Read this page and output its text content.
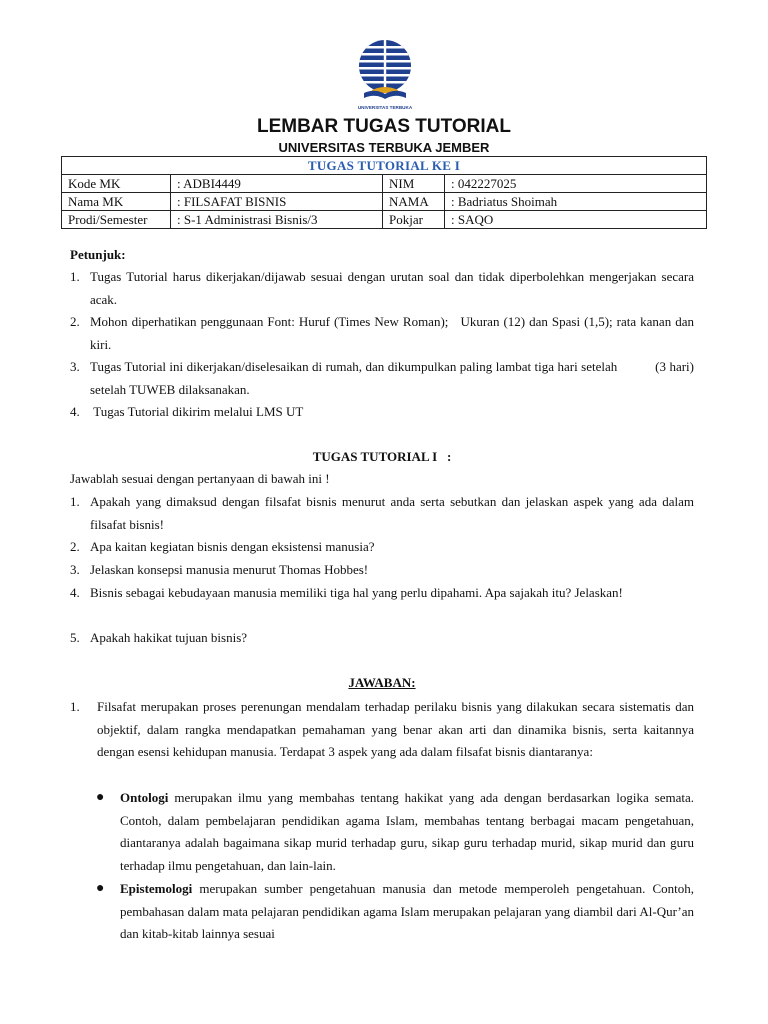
UNIVERSITAS TERBUKA
LEMBAR TUGAS TUTORIAL
UNIVERSITAS TERBUKA JEMBER
TUGAS TUTORIAL KE I			
Kode MK	: ADBI4449	NIM	: 042227025
Nama MK	: FILSAFAT BISNIS	NAMA	: Badriatus Shoimah
Prodi/Semester	: S-1 Administrasi Bisnis/3	Pokjar	: SAQO
Petunjuk:
1. Tugas Tutorial harus dikerjakan/dijawab sesuai dengan urutan soal dan tidak diperbolehkan mengerjakan secara acak.
2. Mohon diperhatikan penggunaan Font: Huruf (Times New Roman);   Ukuran (12) dan Spasi (1,5); rata kanan dan kiri.
3. Tugas Tutorial ini dikerjakan/diselesaikan di rumah, dan dikumpulkan paling lambat tiga hari setelah           (3 hari) setelah TUWEB dilaksanakan.
4. Tugas Tutorial dikirim melalui LMS UT
TUGAS TUTORIAL I   :
Jawablah sesuai dengan pertanyaan di bawah ini !
1. Apakah yang dimaksud dengan filsafat bisnis menurut anda serta sebutkan dan jelaskan aspek yang ada dalam filsafat bisnis!
2. Apa kaitan kegiatan bisnis dengan eksistensi manusia?
3. Jelaskan konsepsi manusia menurut Thomas Hobbes!
4. Bisnis sebagai kebudayaan manusia memiliki tiga hal yang perlu dipahami. Apa sajakah itu? Jelaskan!
5. Apakah hakikat tujuan bisnis?
JAWABAN:
1.	Filsafat merupakan proses perenungan mendalam terhadap perilaku bisnis yang dilakukan secara sistematis dan objektif, dalam rangka mendapatkan pemahaman yang benar akan arti dan dinamika bisnis, serta kaitannya dengan esensi kehidupan manusia. Terdapat 3 aspek yang ada dalam filsafat bisnis diantaranya:
●	Ontologi merupakan ilmu yang membahas tentang hakikat yang ada dengan berdasarkan logika semata. Contoh, dalam pembelajaran pendidikan agama Islam, membahas tentang berbagai macam pengetahuan, diantaranya adalah bagaimana sikap murid terhadap guru, sikap guru terhadap murid, sikap murid dan guru terhadap ilmu pengetahuan, dan lain-lain.
●	Epistemologi merupakan sumber pengetahuan manusia dan metode memperoleh pengetahuan. Contoh, pembahasan dalam mata pelajaran pendidikan agama Islam merupakan pelajaran yang diambil dari Al-Qur’an dan kitab-kitab lainnya sesuai
